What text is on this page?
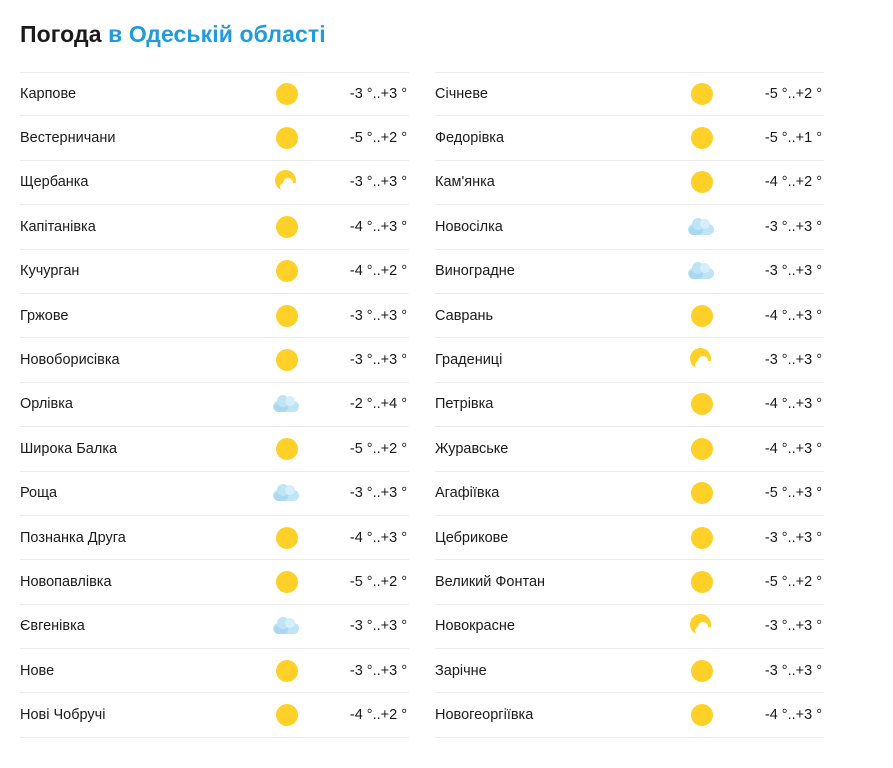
Погода в Одеській області
Карпове	-3 °..+3 °
Вестерничани	-5 °..+2 °
Щербанка	-3 °..+3 °
Капітанівка	-4 °..+3 °
Кучурган	-4 °..+2 °
Гржове	-3 °..+3 °
Новоборисівка	-3 °..+3 °
Орлівка	-2 °..+4 °
Широка Балка	-5 °..+2 °
Роща	-3 °..+3 °
Познанка Друга	-4 °..+3 °
Новопавлівка	-5 °..+2 °
Євгенівка	-3 °..+3 °
Нове	-3 °..+3 °
Нові Чобручі	-4 °..+2 °
Січневе	-5 °..+2 °
Федорівка	-5 °..+1 °
Кам'янка	-4 °..+2 °
Новосілка	-3 °..+3 °
Виноградне	-3 °..+3 °
Саврань	-4 °..+3 °
Градениці	-3 °..+3 °
Петрівка	-4 °..+3 °
Журавське	-4 °..+3 °
Агафіївка	-5 °..+3 °
Цебрикове	-3 °..+3 °
Великий Фонтан	-5 °..+2 °
Новокрасне	-3 °..+3 °
Зарічне	-3 °..+3 °
Новогеоргіївка	-4 °..+3 °
